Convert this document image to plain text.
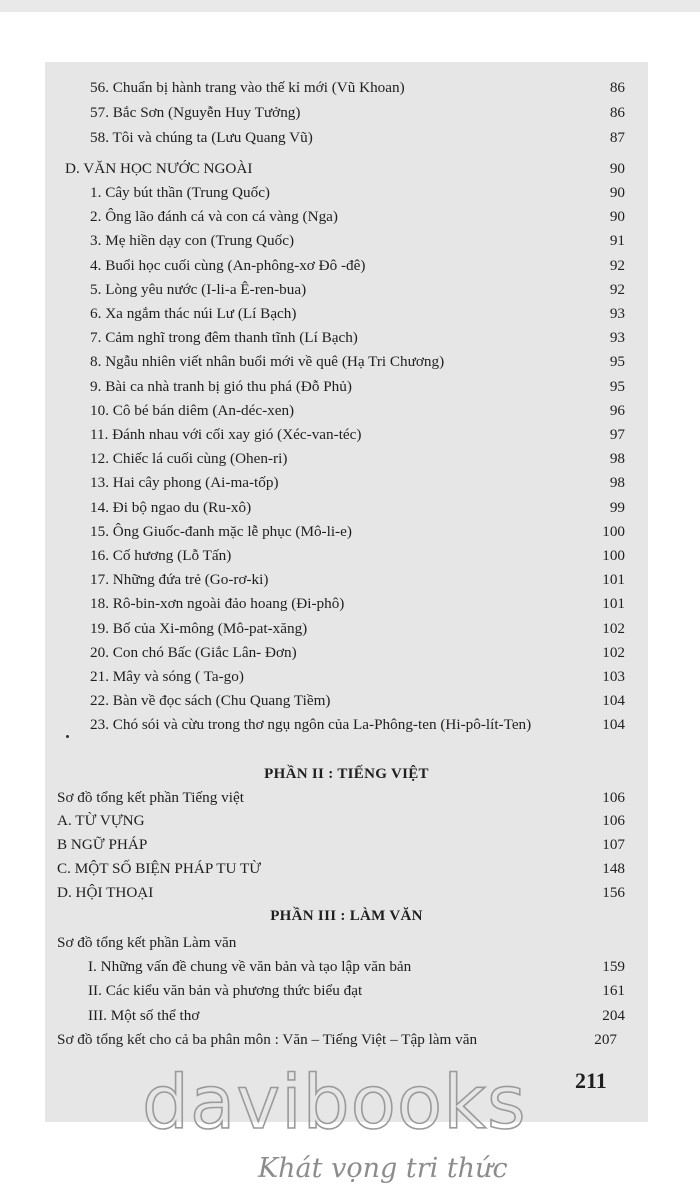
PHẦN II : TIẾNG VIỆT
PHẦN III : LÀM VĂN
211
56. Chuẩn bị hành trang vào thế kỉ mới (Vũ Khoan)	86
57. Bắc Sơn (Nguyễn Huy Tưởng)	86
58. Tôi và chúng ta (Lưu Quang Vũ)	87
D. VĂN HỌC NƯỚC NGOÀI	90
1. Cây bút thần (Trung Quốc)	90
2. Ông lão đánh cá và con cá vàng (Nga)	90
3. Mẹ hiền dạy con (Trung Quốc)	91
4. Buổi học cuối cùng (An-phông-xơ Đô -đê)	92
5. Lòng yêu nước (I-li-a Ê-ren-bua)	92
6. Xa ngắm thác núi Lư (Lí Bạch)	93
7. Cảm nghĩ trong đêm thanh tĩnh (Lí Bạch)	93
8. Ngẫu nhiên viết nhân buổi mới về quê (Hạ Tri Chương)	95
9. Bài ca nhà tranh bị gió thu phá (Đỗ Phủ)	95
10. Cô bé bán diêm (An-déc-xen)	96
11. Đánh nhau với cối xay gió (Xéc-van-téc)	97
12. Chiếc lá cuối cùng (Ohen-ri)	98
13. Hai cây phong (Ai-ma-tốp)	98
14. Đi bộ ngao du (Ru-xô)	99
15. Ông Giuốc-đanh mặc lễ phục (Mô-li-e)	100
16. Cố hương (Lỗ Tấn)	100
17. Những đứa trẻ (Go-rơ-ki)	101
18. Rô-bin-xơn ngoài đảo hoang (Đi-phô)	101
19. Bố của Xi-mông (Mô-pat-xăng)	102
20. Con chó Bấc (Giắc Lân- Đơn)	102
21. Mây và sóng ( Ta-go)	103
22. Bàn về đọc sách (Chu Quang Tiềm)	104
23. Chó sói và cừu trong thơ ngụ ngôn của La-Phông-ten (Hi-pô-lít-Ten)	104
Sơ đồ tổng kết phần Tiếng việt	106
A. TỪ VỰNG	106
B NGỮ PHÁP	107
C. MỘT SỐ BIỆN PHÁP TU TỪ	148
D. HỘI THOẠI	156
Sơ đồ tổng kết phần Làm văn
I. Những vấn đề chung về văn bản và tạo lập văn bản	159
II. Các kiểu văn bản và phương thức biểu đạt	161
III. Một số thể thơ	204
Sơ đồ tổng kết cho cả ba phân môn : Văn – Tiếng Việt – Tập làm văn	207
davibooks
Khát vọng tri thức
